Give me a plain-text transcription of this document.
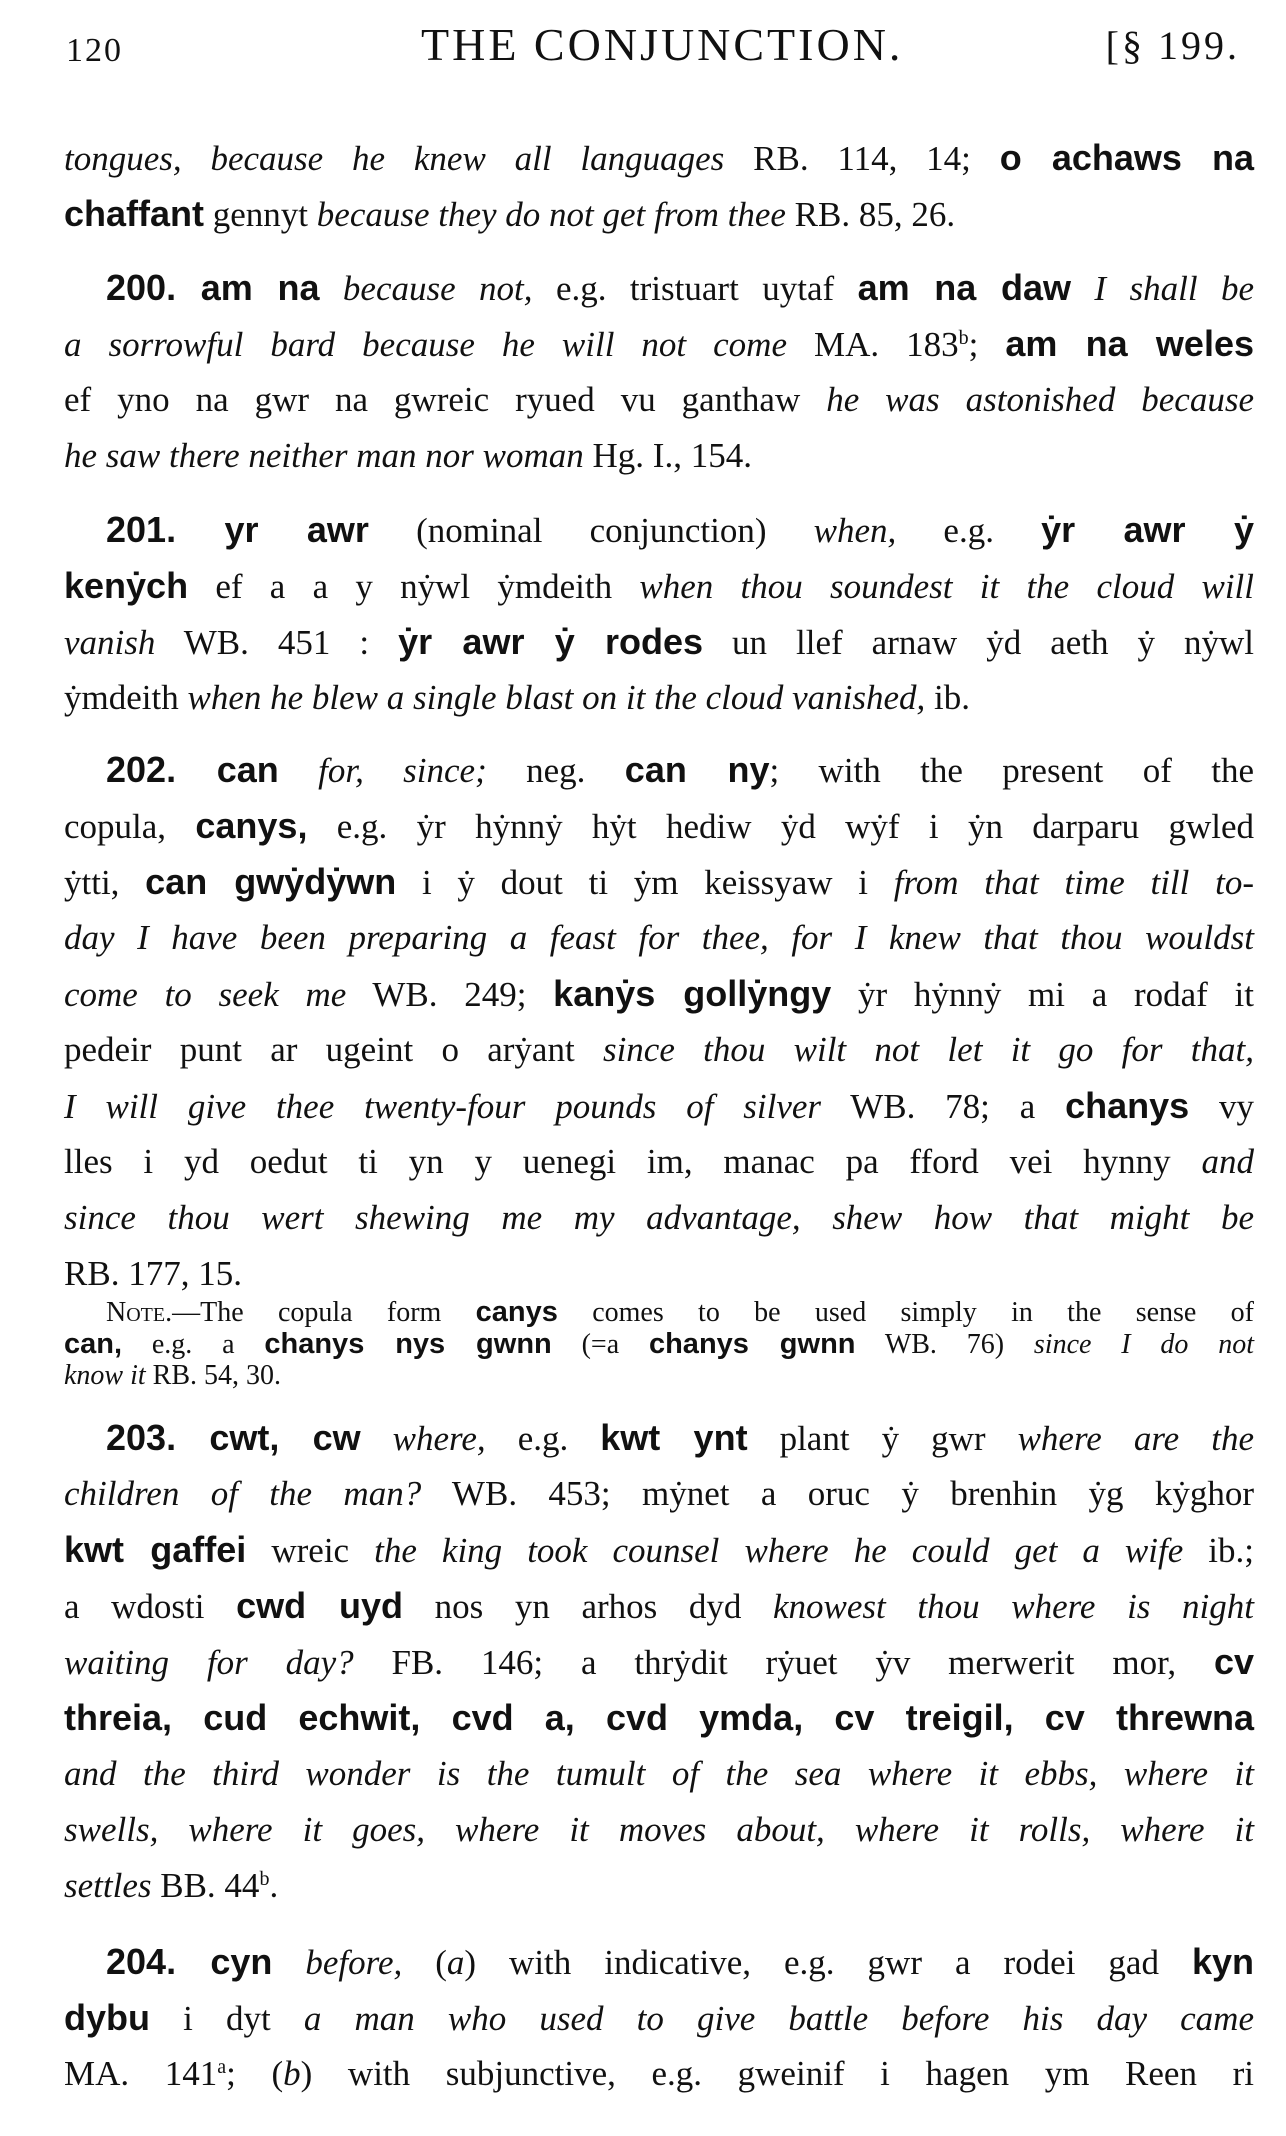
120	THE CONJUNCTION.	[§ 199.
tongues, because he knew all languages RB. 114, 14; o achaws na
chaffant gennyt because they do not get from thee RB. 85, 26.
200. am na because not, e.g. tristuart uytaf am na daw I shall be
a sorrowful bard because he will not come MA. 183$^b$; am na weles
ef yno na gwr na gwreic ryued vu ganthaw he was astonished because
he saw there neither man nor woman Hg. I., 154.
201. yr awr (nominal conjunction) when, e.g. ẏr awr ẏ
kenẏch ef a a y nẏwl ẏmdeith when thou soundest it the cloud will
vanish WB. 451 : ẏr awr ẏ rodes un llef arnaw ẏd aeth ẏ nẏwl
ẏmdeith when he blew a single blast on it the cloud vanished, ib.
202. can for, since; neg. can ny; with the present of the
copula, canys, e.g. ẏr hẏnnẏ hẏt hediw ẏd wẏf i ẏn darparu gwled
ẏtti, can gwẏdẏwn i ẏ dout ti ẏm keissyaw i from that time till to-
day I have been preparing a feast for thee, for I knew that thou wouldst
come to seek me WB. 249; kanẏs gollẏngy ẏr hẏnnẏ mi a rodaf it
pedeir punt ar ugeint o arẏant since thou wilt not let it go for that,
I will give thee twenty-four pounds of silver WB. 78; a chanys vy
lles i yd oedut ti yn y uenegi im, manac pa fford vei hynny and
since thou wert shewing me my advantage, shew how that might be
RB. 177, 15.
203. cwt, cw where, e.g. kwt ynt plant ẏ gwr where are the
children of the man? WB. 453; mẏnet a oruc ẏ brenhin ẏg kẏghor
kwt gaffei wreic the king took counsel where he could get a wife ib.;
a wdosti cwd uyd nos yn arhos dyd knowest thou where is night
waiting for day? FB. 146; a thrẏdit rẏuet ẏv merwerit mor, cv
threia, cud echwit, cvd a, cvd ymda, cv treigil, cv threwna
and the third wonder is the tumult of the sea where it ebbs, where it
swells, where it goes, where it moves about, where it rolls, where it
settles BB. 44$^b$.
204. cyn before, (a) with indicative, e.g. gwr a rodei gad kyn
dybu i dyt a man who used to give battle before his day came
MA. 141$^a$; (b) with subjunctive, e.g. gweinif i hagen ym Reen ri
Note.—The copula form canys comes to be used simply in the sense of
can, e.g. a chanys nys gwnn (=a chanys gwnn WB. 76) since I do not
know it RB. 54, 30.
